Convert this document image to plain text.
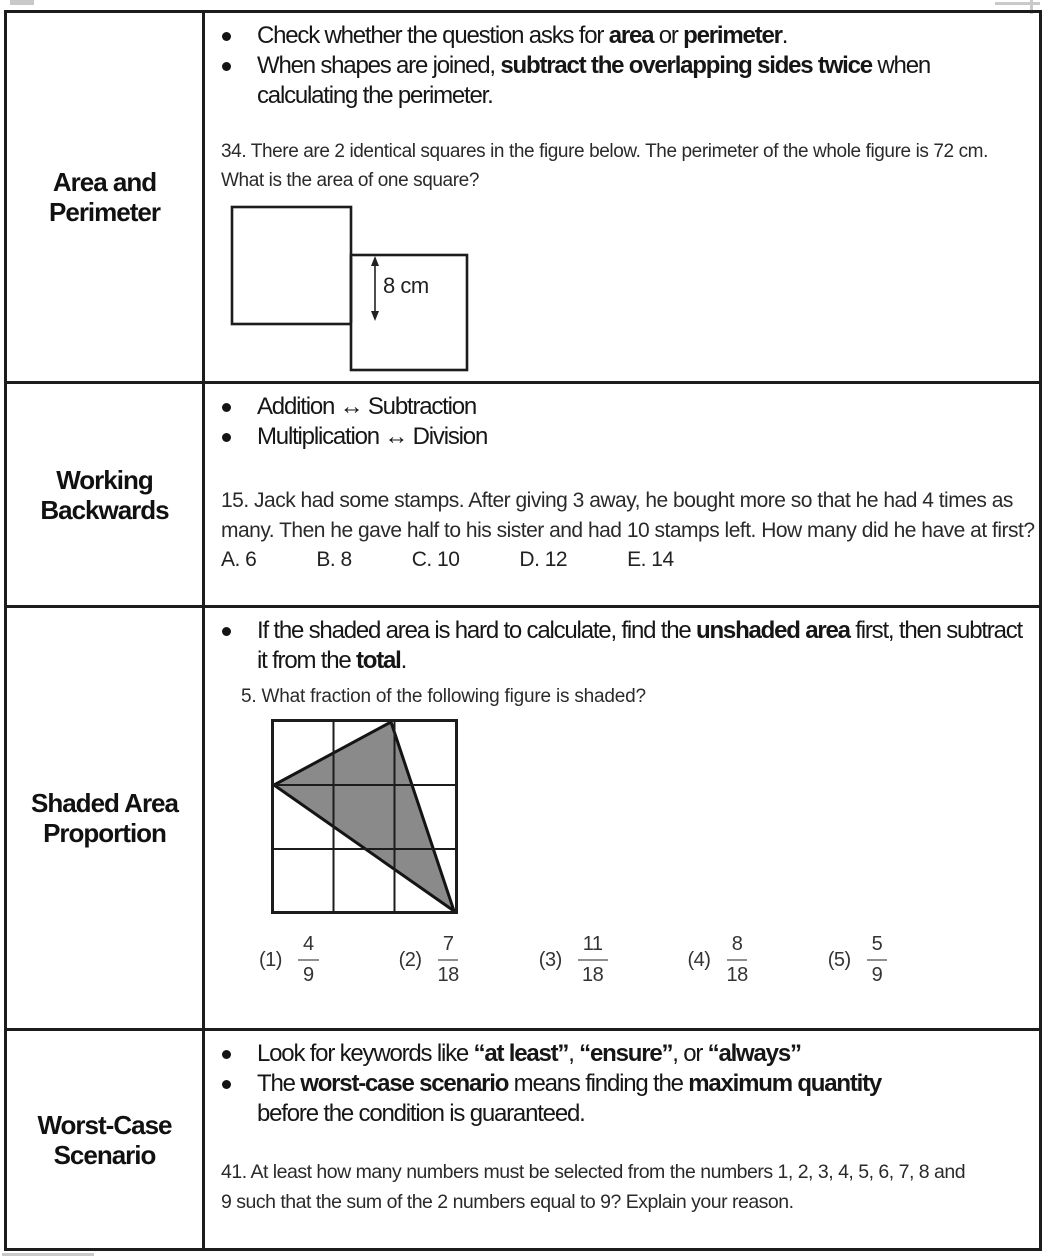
Area and
Perimeter
Check whether the question asks for area or perimeter.
When shapes are joined, subtract the overlapping sides twice when calculating the perimeter.

34. There are 2 identical squares in the figure below. The perimeter of the whole figure is 72 cm. What is the area of one square?

8 cm
Working
Backwards
Addition ↔ Subtraction
Multiplication ↔ Division

15. Jack had some stamps. After giving 3 away, he bought more so that he had 4 times as many. Then he gave half to his sister and had 10 stamps left. How many did he have at first?

A. 6	B. 8	C. 10	D. 12	E. 14
Shaded Area
Proportion
If the shaded area is hard to calculate, find the unshaded area first, then subtract it from the total.

5. What fraction of the following figure is shaded?

$(1) \frac{4}{9}$	$(2) \frac{7}{18}$	$(3) \frac{11}{18}$	$(4) \frac{8}{18}$	$(5) \frac{5}{9}$
Worst-Case
Scenario
Look for keywords like “at least”, “ensure”, or “always”
The worst-case scenario means finding the maximum quantity before the condition is guaranteed.

41. At least how many numbers must be selected from the numbers 1, 2, 3, 4, 5, 6, 7, 8 and 9 such that the sum of the 2 numbers equal to 9? Explain your reason.
